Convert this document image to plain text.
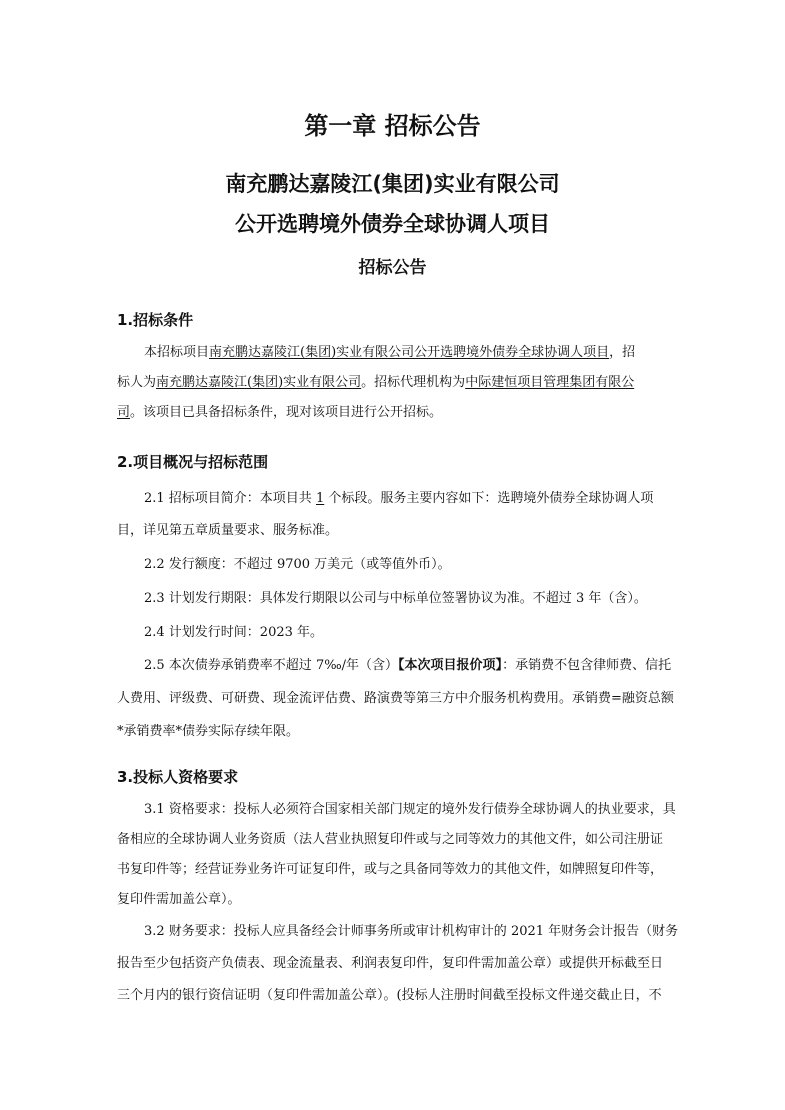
第一章 招标公告
南充鹏达嘉陵江(集团)实业有限公司
公开选聘境外债券全球协调人项目
招标公告
1.招标条件
本招标项目南充鹏达嘉陵江(集团)实业有限公司公开选聘境外债券全球协调人项目，招
标人为南充鹏达嘉陵江(集团)实业有限公司。招标代理机构为中际建恒项目管理集团有限公
司。该项目已具备招标条件，现对该项目进行公开招标。
2.项目概况与招标范围
2.1 招标项目简介：本项目共 1 个标段。服务主要内容如下：选聘境外债券全球协调人项
目，详见第五章质量要求、服务标准。
2.2 发行额度：不超过 9700 万美元（或等值外币）。
2.3 计划发行期限：具体发行期限以公司与中标单位签署协议为准。不超过 3 年（含）。
2.4 计划发行时间：2023 年。
2.5 本次债券承销费率不超过 7‰/年（含）【本次项目报价项】：承销费不包含律师费、信托
人费用、评级费、可研费、现金流评估费、路演费等第三方中介服务机构费用。承销费=融资总额
*承销费率*债券实际存续年限。
3.投标人资格要求
3.1 资格要求：投标人必须符合国家相关部门规定的境外发行债券全球协调人的执业要求，具
备相应的全球协调人业务资质（法人营业执照复印件或与之同等效力的其他文件，如公司注册证
书复印件等；经营证券业务许可证复印件，或与之具备同等效力的其他文件，如牌照复印件等，
复印件需加盖公章）。
3.2 财务要求：投标人应具备经会计师事务所或审计机构审计的 2021 年财务会计报告（财务
报告至少包括资产负债表、现金流量表、利润表复印件，复印件需加盖公章）或提供开标截至日
三个月内的银行资信证明（复印件需加盖公章）。(投标人注册时间截至投标文件递交截止日，不
